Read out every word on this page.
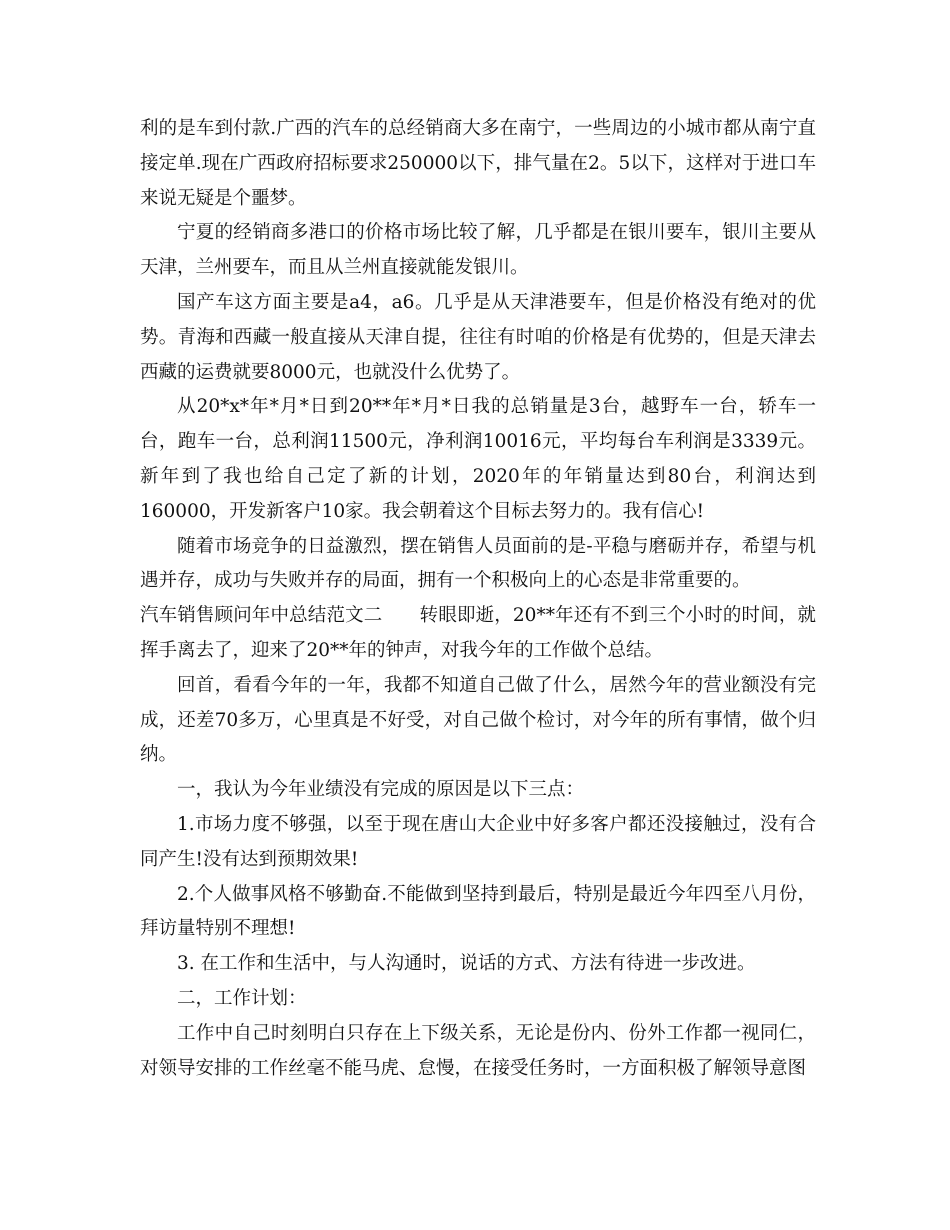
利的是车到付款.广西的汽车的总经销商大多在南宁，一些周边的小城市都从南宁直接定单.现在广西政府招标要求250000以下，排气量在2。5以下，这样对于进口车来说无疑是个噩梦。

宁夏的经销商多港口的价格市场比较了解，几乎都是在银川要车，银川主要从天津，兰州要车，而且从兰州直接就能发银川。

国产车这方面主要是a4，a6。几乎是从天津港要车，但是价格没有绝对的优势。青海和西藏一般直接从天津自提，往往有时咱的价格是有优势的，但是天津去西藏的运费就要8000元，也就没什么优势了。

从20*x*年*月*日到20**年*月*日我的总销量是3台，越野车一台，轿车一台，跑车一台，总利润11500元，净利润10016元，平均每台车利润是3339元。新年到了我也给自己定了新的计划，2020年的年销量达到80台，利润达到160000，开发新客户10家。我会朝着这个目标去努力的。我有信心!

随着市场竞争的日益激烈，摆在销售人员面前的是-平稳与磨砺并存，希望与机遇并存，成功与失败并存的局面，拥有一个积极向上的心态是非常重要的。

汽车销售顾问年中总结范文二　　转眼即逝，20**年还有不到三个小时的时间，就挥手离去了，迎来了20**年的钟声，对我今年的工作做个总结。

回首，看看今年的一年，我都不知道自己做了什么，居然今年的营业额没有完成，还差70多万，心里真是不好受，对自己做个检讨，对今年的所有事情，做个归纳。

一，我认为今年业绩没有完成的原因是以下三点：

1.市场力度不够强，以至于现在唐山大企业中好多客户都还没接触过，没有合同产生!没有达到预期效果!

2.个人做事风格不够勤奋.不能做到坚持到最后，特别是最近今年四至八月份，拜访量特别不理想!

3. 在工作和生活中，与人沟通时，说话的方式、方法有待进一步改进。

二，工作计划：

工作中自己时刻明白只存在上下级关系，无论是份内、份外工作都一视同仁，对领导安排的工作丝毫不能马虎、怠慢，在接受任务时，一方面积极了解领导意图
